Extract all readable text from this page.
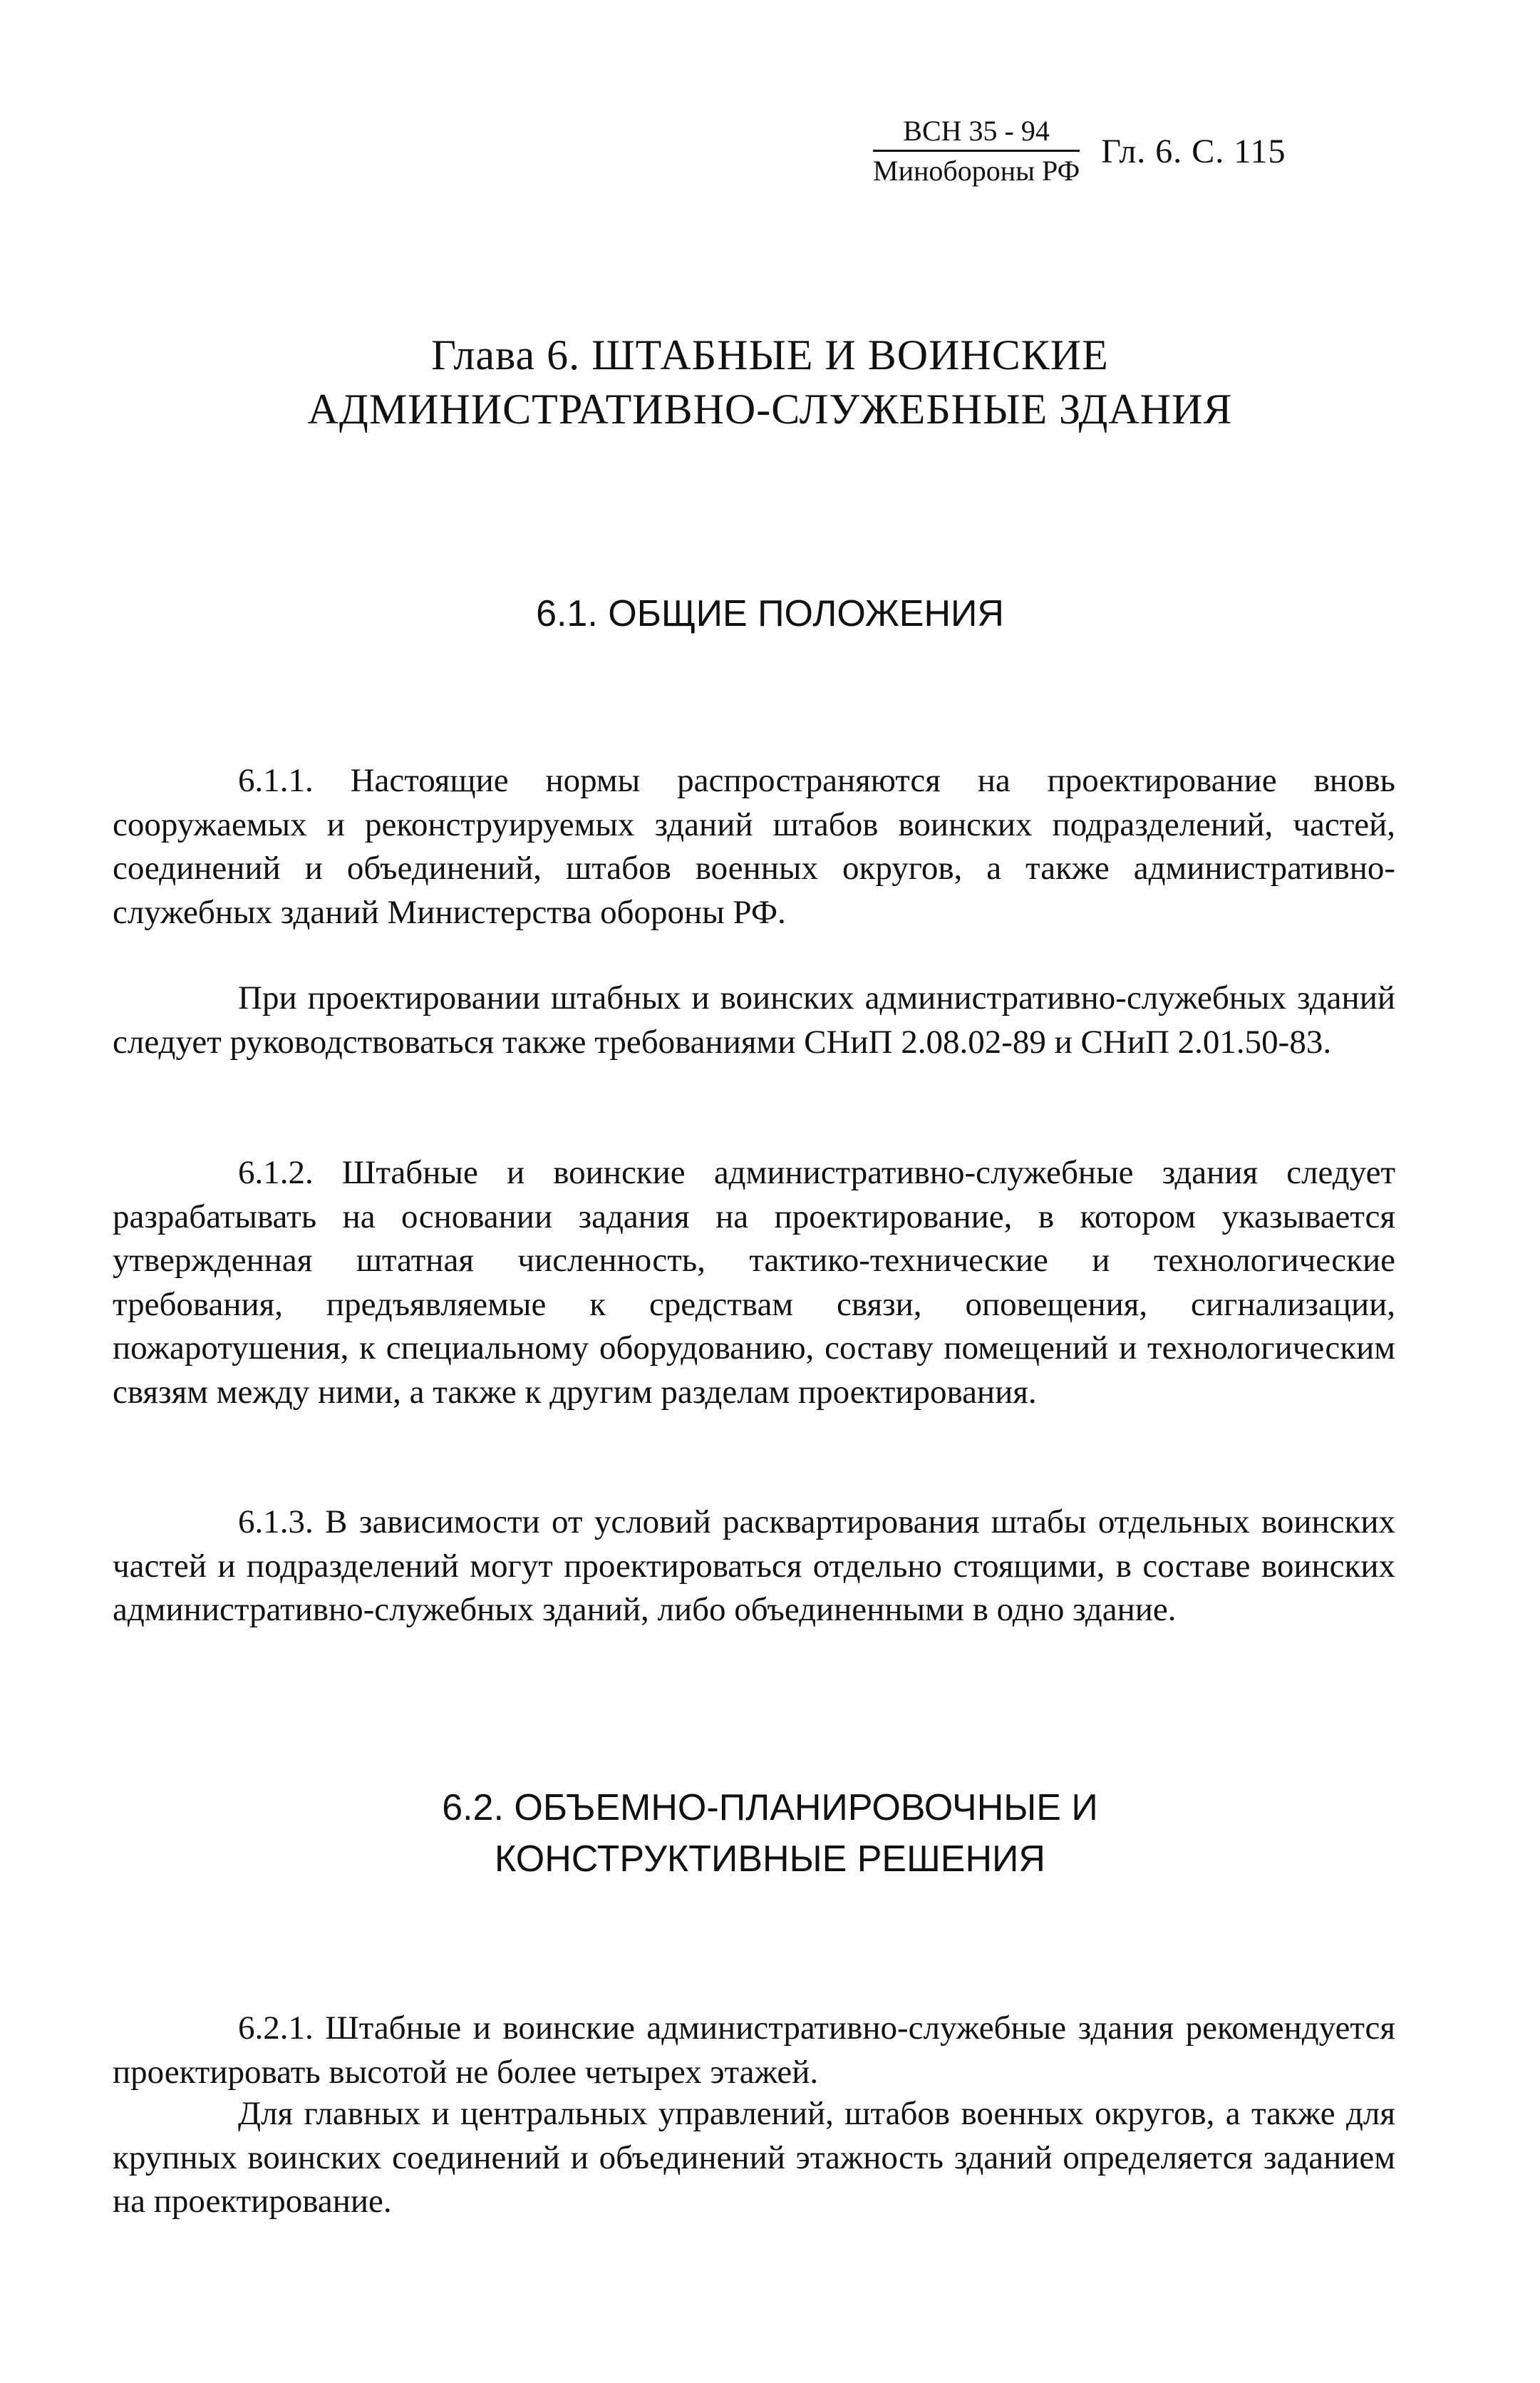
ВСН 35 - 94
Минобороны РФ
Гл. 6. С. 115
Глава 6. ШТАБНЫЕ И ВОИНСКИЕ
АДМИНИСТРАТИВНО-СЛУЖЕБНЫЕ ЗДАНИЯ
6.1. ОБЩИЕ ПОЛОЖЕНИЯ

6.1.1. Настоящие нормы распространяются на проектирование вновь сооружаемых и реконструируемых зданий штабов воинских подразделений, частей, соединений и объединений, штабов военных округов, а также административно-служебных зданий Министерства обороны РФ.

При проектировании штабных и воинских административно-служебных зданий следует руководствоваться также требованиями СНиП 2.08.02-89 и СНиП 2.01.50-83.

6.1.2. Штабные и воинские административно-служебные здания следует разрабатывать на основании задания на проектирование, в котором указывается утвержденная штатная численность, тактико-технические и технологические требования, предъявляемые к средствам связи, оповещения, сигнализации, пожаротушения, к специальному оборудованию, составу помещений и технологическим связям между ними, а также к другим разделам проектирования.

6.1.3. В зависимости от условий расквартирования штабы отдельных воинских частей и подразделений могут проектироваться отдельно стоящими, в составе воинских административно-служебных зданий, либо объединенными в одно здание.

6.2. ОБЪЕМНО-ПЛАНИРОВОЧНЫЕ И
КОНСТРУКТИВНЫЕ РЕШЕНИЯ

6.2.1. Штабные и воинские административно-служебные здания рекомендуется проектировать высотой не более четырех этажей.

Для главных и центральных управлений, штабов военных округов, а также для крупных воинских соединений и объединений этажность зданий определяется заданием на проектирование.
